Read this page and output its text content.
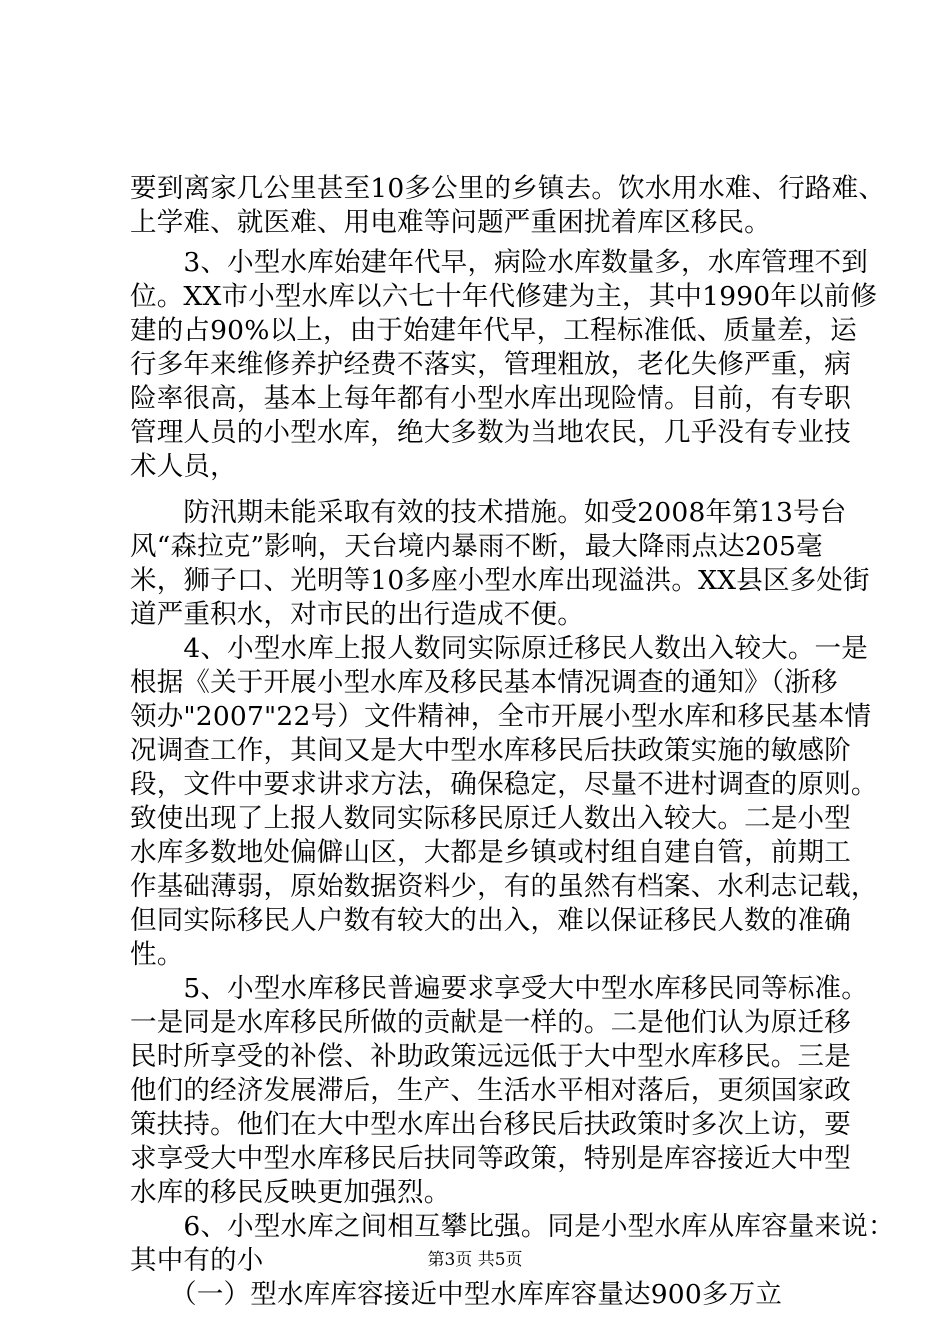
要到离家几公里甚至10多公里的乡镇去。饮水用水难、行路难、
上学难、就医难、用电难等问题严重困扰着库区移民。
　　3、小型水库始建年代早，病险水库数量多，水库管理不到
位。XX市小型水库以六七十年代修建为主，其中1990年以前修
建的占90%以上，由于始建年代早，工程标准低、质量差，运
行多年来维修养护经费不落实，管理粗放，老化失修严重，病
险率很高，基本上每年都有小型水库出现险情。目前，有专职
管理人员的小型水库，绝大多数为当地农民，几乎没有专业技
术人员，
　　防汛期未能采取有效的技术措施。如受2008年第13号台
风“森拉克”影响，天台境内暴雨不断，最大降雨点达205毫
米，狮子口、光明等10多座小型水库出现溢洪。XX县区多处街
道严重积水，对市民的出行造成不便。
　　4、小型水库上报人数同实际原迁移民人数出入较大。一是
根据《关于开展小型水库及移民基本情况调查的通知》（浙移
领办"2007"22号）文件精神，全市开展小型水库和移民基本情
况调查工作，其间又是大中型水库移民后扶政策实施的敏感阶
段，文件中要求讲求方法，确保稳定，尽量不进村调查的原则。
致使出现了上报人数同实际移民原迁人数出入较大。二是小型
水库多数地处偏僻山区，大都是乡镇或村组自建自管，前期工
作基础薄弱，原始数据资料少，有的虽然有档案、水利志记载，
但同实际移民人户数有较大的出入，难以保证移民人数的准确
性。
　　5、小型水库移民普遍要求享受大中型水库移民同等标准。
一是同是水库移民所做的贡献是一样的。二是他们认为原迁移
民时所享受的补偿、补助政策远远低于大中型水库移民。三是
他们的经济发展滞后，生产、生活水平相对落后，更须国家政
策扶持。他们在大中型水库出台移民后扶政策时多次上访，要
求享受大中型水库移民后扶同等政策，特别是库容接近大中型
水库的移民反映更加强烈。
　　6、小型水库之间相互攀比强。同是小型水库从库容量来说：
其中有的小
　　（一）型水库库容接近中型水库库容量达900多万立
第3页 共5页
